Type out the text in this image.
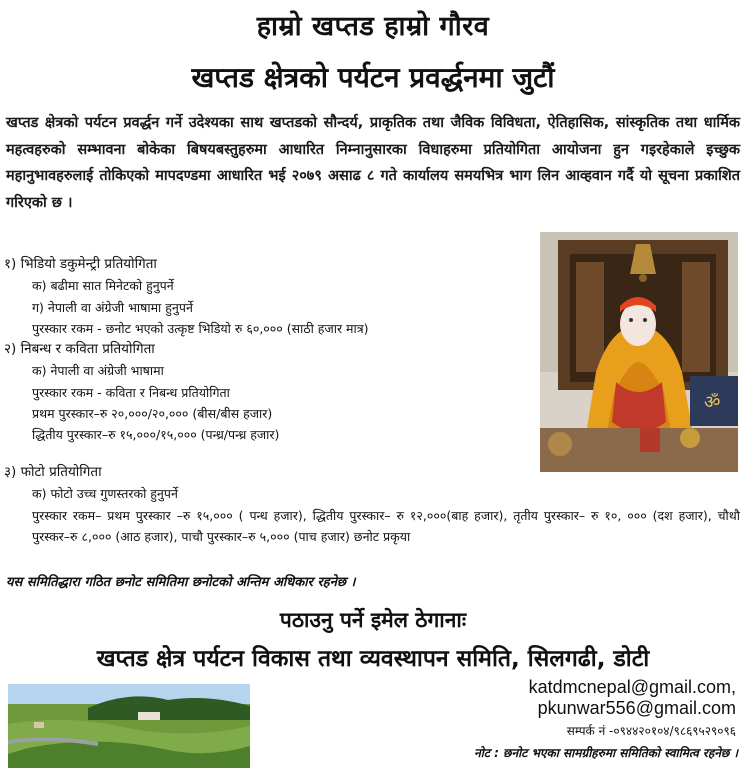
हाम्रो खप्तड हाम्रो गौरव
खप्तड क्षेत्रको पर्यटन प्रवर्द्धनमा जुटौं
खप्तड क्षेत्रको पर्यटन प्रवर्द्धन गर्ने उदेश्यका साथ खप्तडको सौन्दर्य, प्राकृतिक तथा जैविक विविधता, ऐतिहासिक, सांस्कृतिक तथा धार्मिक महत्वहरुको सम्भावना बोकेका बिषयबस्तुहरुमा आधारित निम्नानुसारका विधाहरुमा प्रतियोगिता आयोजना हुन गइरहेकाले इच्छुक महानुभावहरुलाई तोकिएको मापदण्डमा आधारित भई २०७९ असाढ ८ गते कार्यालय समयभित्र भाग लिन आव्हवान गर्दै यो सूचना प्रकाशित गरिएको छ ।
१) भिडियो डकुमेन्ट्री प्रतियोगिता
क) बढीमा सात मिनेटको हुनुपर्ने
ग) नेपाली वा अंग्रेजी भाषामा हुनुपर्ने
पुरस्कार रकम - छनोट भएको उत्कृष्ट भिडियो रु ६०,००० (साठी हजार मात्र)
२) निबन्ध र कविता प्रतियोगिता
क) नेपाली वा अंग्रेजी भाषामा
पुरस्कार रकम - कविता र निबन्ध प्रतियोगिता
प्रथम पुरस्कार–रु २०,०००/२०,००० (बीस/बीस हजार)
द्धितीय पुरस्कार–रु १५,०००/१५,००० (पन्ध्र/पन्ध्र हजार)
३) फोटो प्रतियोगिता
क) फोटो उच्च गुणस्तरको हुनुपर्ने
पुरस्कार रकम– प्रथम पुरस्कार –रु १५,००० ( पन्ध हजार), द्धितीय पुरस्कार– रु १२,०००(बाह हजार), तृतीय पुरस्कार– रु १०, ००० (दश हजार), चौथौ पुरस्कर–रु ८,००० (आठ हजार), पाचौ पुरस्कार–रु ५,००० (पाच हजार) छनोट प्रकृया
यस समितिद्धारा गठित छनोट समितिमा छनोटको अन्तिम अधिकार रहनेछ ।
ॐ
पठाउनु पर्ने इमेल ठेगानाः
खप्तड क्षेत्र पर्यटन विकास तथा व्यवस्थापन समिति, सिलगढी, डोटी
katdmcnepal@gmail.com,
pkunwar556@gmail.com
सम्पर्क नं -०९४४२०१०४/९८६९५२९०९६
नोट : छनोट भएका सामग्रीहरुमा समितिको स्वामित्व रहनेछ ।
